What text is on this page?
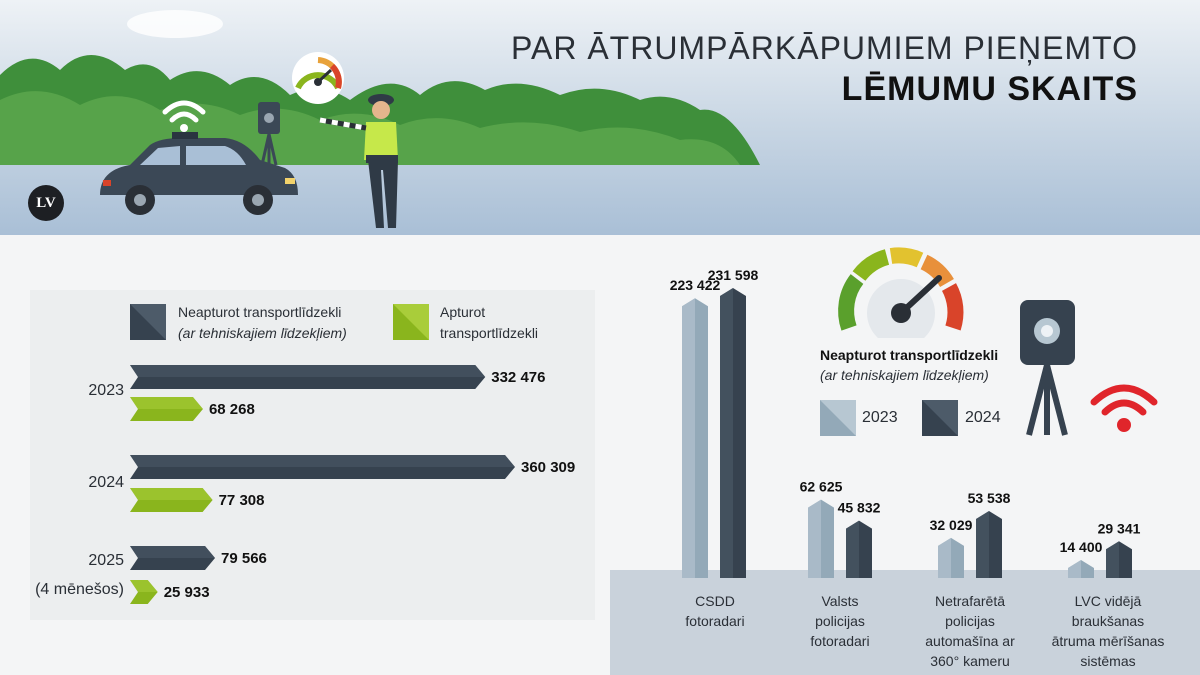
PAR ĀTRUMPĀRKĀPUMIEM PIEŅEMTO
LĒMUMU SKAITS
LV
Neapturot transportlīdzekli
(ar tehniskajiem līdzekļiem)
Apturot
transportlīdzekli
2023
2024
2025
(4 mēnešos)
332 476
360 309
79 566
68 268
77 308
25 933
223 422
62 625
32 029
14 400
231 598
45 832
53 538
29 341
CSDD
fotoradari
Valsts
policijas
fotoradari
Netrafarētā
policijas
automašīna ar
360° kameru
LVC vidējā
braukšanas
ātruma mērīšanas
sistēmas
Neapturot transportlīdzekli
(ar tehniskajiem līdzekļiem)
2023	2024
